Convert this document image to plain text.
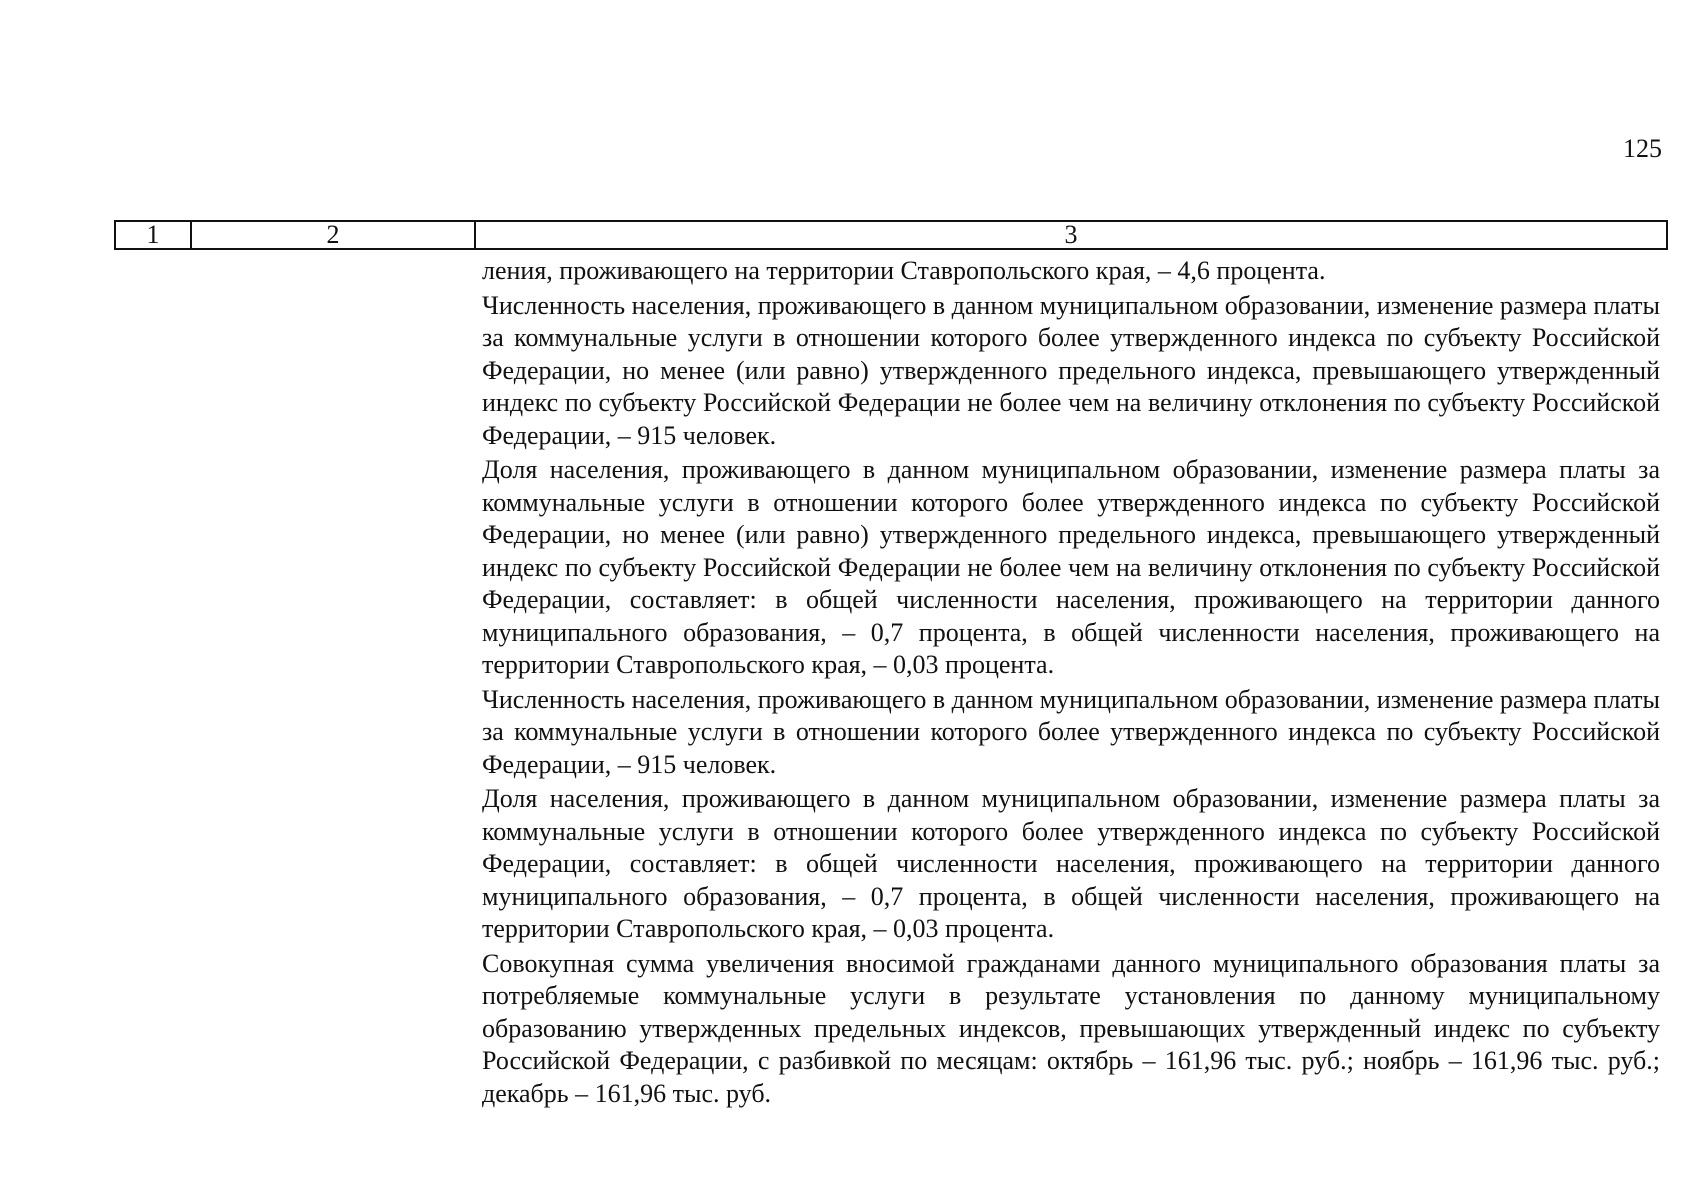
125
1	2	3

ления, проживающего на территории Ставропольского края, – 4,6 процента.

Численность населения, проживающего в данном муниципальном образовании, изменение размера платы за коммунальные услуги в отношении которого более утвержденного индекса по субъекту Российской Федерации, но менее (или равно) утвержденного предельного индекса, превышающего утвержденный индекс по субъекту Российской Федерации не более чем на величину отклонения по субъекту Российской Федерации, – 915 человек.

Доля населения, проживающего в данном муниципальном образовании, изменение размера платы за коммунальные услуги в отношении которого более утвержденного индекса по субъекту Российской Федерации, но менее (или равно) утвержденного предельного индекса, превышающего утвержденный индекс по субъекту Российской Федерации не более чем на величину отклонения по субъекту Российской Федерации, составляет: в общей численности населения, проживающего на территории данного муниципального образования, – 0,7 процента, в общей численности населения, проживающего на территории Ставропольского края, – 0,03 процента.

Численность населения, проживающего в данном муниципальном образовании, изменение размера платы за коммунальные услуги в отношении которого более утвержденного индекса по субъекту Российской Федерации, – 915 человек.

Доля населения, проживающего в данном муниципальном образовании, изменение размера платы за коммунальные услуги в отношении которого более утвержденного индекса по субъекту Российской Федерации, составляет: в общей численности населения, проживающего на территории данного муниципального образования, – 0,7 процента, в общей численности населения, проживающего на территории Ставропольского края, – 0,03 процента.

Совокупная сумма увеличения вносимой гражданами данного муниципального образования платы за потребляемые коммунальные услуги в результате установления по данному муниципальному образованию утвержденных предельных индексов, превышающих утвержденный индекс по субъекту Российской Федерации, с разбивкой по месяцам: октябрь – 161,96 тыс. руб.; ноябрь – 161,96 тыс. руб.; декабрь – 161,96 тыс. руб.
